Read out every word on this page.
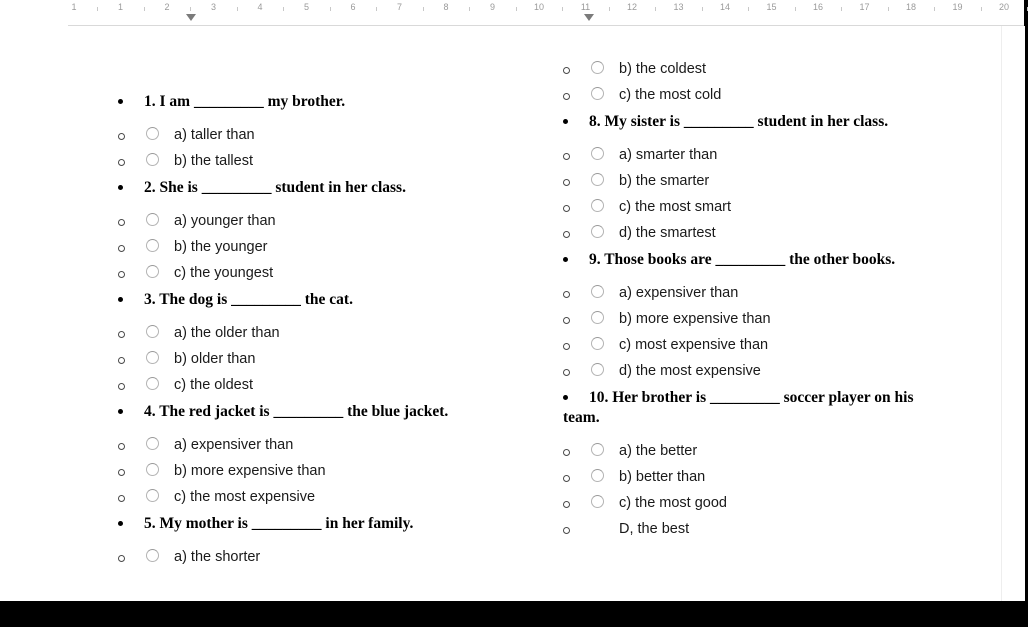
1	1	2	3	4	5	6	7	8	9	10	11	12	13	14	15	16	17	18	19	20
1. I am _________ my brother.
a) taller than
b) the tallest
2. She is _________ student in her class.
a) younger than
b) the younger
c) the youngest
3. The dog is _________ the cat.
a) the older than
b) older than
c) the oldest
4. The red jacket is _________ the blue jacket.
a) expensiver than
b) more expensive than
c) the most expensive
5. My mother is _________ in her family.
a) the shorter
b) the coldest
c) the most cold
8. My sister is _________ student in her class.
a) smarter than
b) the smarter
c) the most smart
d) the smartest
9. Those books are _________ the other books.
a) expensiver than
b) more expensive than
c) most expensive than
d) the most expensive
10. Her brother is _________ soccer player on his
team.
a) the better
b) better than
c) the most good
D, the best
